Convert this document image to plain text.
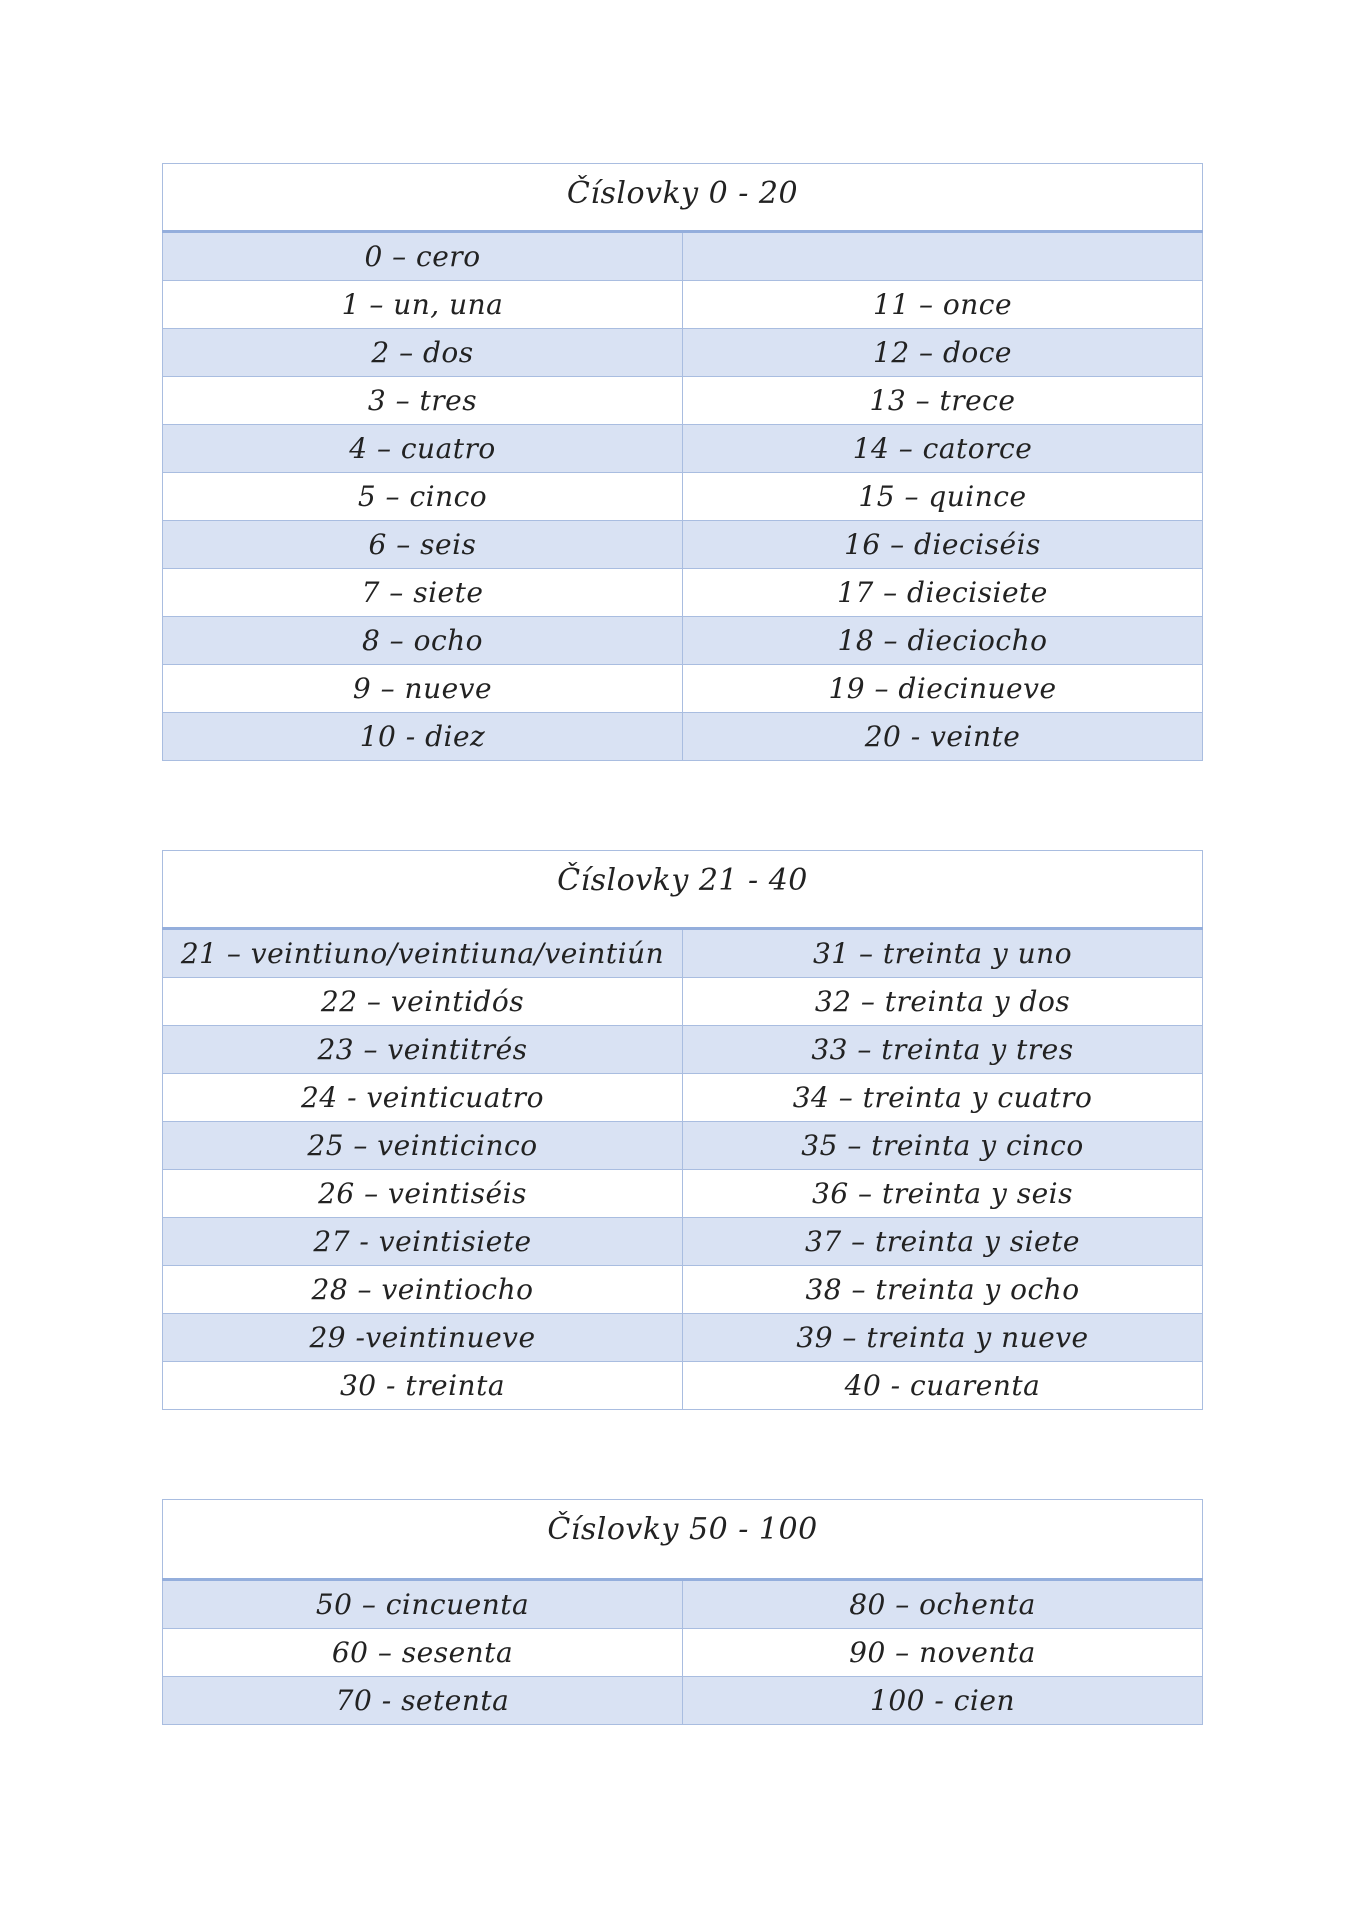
Číslovky 0 - 20	
0 – cero	
1 – un, una	11 – once
2 – dos	12 – doce
3 – tres	13 – trece
4 – cuatro	14 – catorce
5 – cinco	15 – quince
6 – seis	16 – dieciséis
7 – siete	17 – diecisiete
8 – ocho	18 – dieciocho
9 – nueve	19 – diecinueve
10 - diez	20 - veinte
Číslovky 21 - 40	
21 – veintiuno/veintiuna/veintiún	31 – treinta y uno
22 – veintidós	32 – treinta y dos
23 – veintitrés	33 – treinta y tres
24 - veinticuatro	34 – treinta y cuatro
25 – veinticinco	35 – treinta y cinco
26 – veintiséis	36 – treinta y seis
27 - veintisiete	37 – treinta y siete
28 – veintiocho	38 – treinta y ocho
29 -veintinueve	39 – treinta y nueve
30 - treinta	40 - cuarenta
Číslovky 50 - 100	
50 – cincuenta	80 – ochenta
60 – sesenta	90 – noventa
70 - setenta	100 - cien
